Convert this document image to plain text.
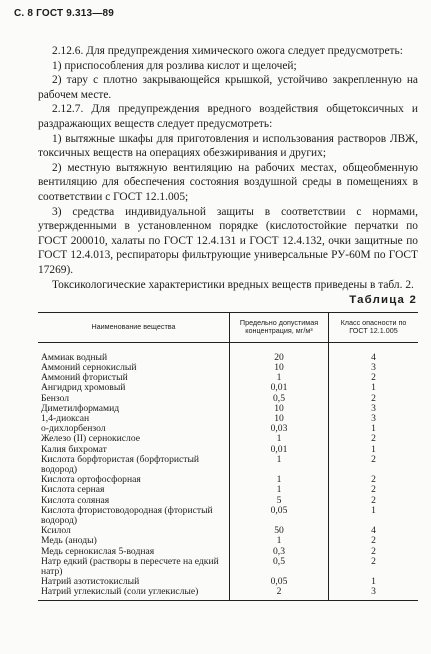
С. 8 ГОСТ 9.313—89

2.12.6. Для предупреждения химического ожога следует предусмотреть:

1) приспособления для розлива кислот и щелочей;

2) тару с плотно закрывающейся крышкой, устойчиво закрепленную на рабочем месте.

2.12.7. Для предупреждения вредного воздействия общетоксичных и раздражающих веществ следует предусмотреть:

1) вытяжные шкафы для приготовления и использования растворов ЛВЖ, токсичных веществ на операциях обезжиривания и других;

2) местную вытяжную вентиляцию на рабочих местах, общеобменную вентиляцию для обеспечения состояния воздушной среды в помещениях в соответствии с ГОСТ 12.1.005;

3) средства индивидуальной защиты в соответствии с нормами, утвержденными в установленном порядке (кислотостойкие перчатки по ГОСТ 200010, халаты по ГОСТ 12.4.131 и ГОСТ 12.4.132, очки защитные по ГОСТ 12.4.013, респираторы фильтрующие универсальные РУ-60М по ГОСТ 17269).

Токсикологические характеристики вредных веществ приведены в табл. 2.

Таблица 2
Наименование вещества	Предельно допустимая концентрация, мг/м³	Класс опасности по ГОСТ 12.1.005
Аммиак водный	20	4
Аммоний сернокислый	10	3
Аммоний фтористый	1	2
Ангидрид хромовый	0,01	1
Бензол	0,5	2
Диметилформамид	10	3
1,4-диоксан	10	3
о-дихлорбензол	0,03	1
Железо (II) сернокислое	1	2
Калия бихромат	0,01	1
Кислота борфтористая (борфтористый водород)	1	2
Кислота ортофосфорная	1	2
Кислота серная	1	2
Кислота соляная	5	2
Кислота фтористоводородная (фтористый водород)	0,05	1
Ксилол	50	4
Медь (аноды)	1	2
Медь сернокислая 5-водная	0,3	2
Натр едкий (растворы в пересчете на едкий натр)	0,5	2
Натрий азотистокислый	0,05	1
Натрий углекислый (соли углекислые)	2	3
